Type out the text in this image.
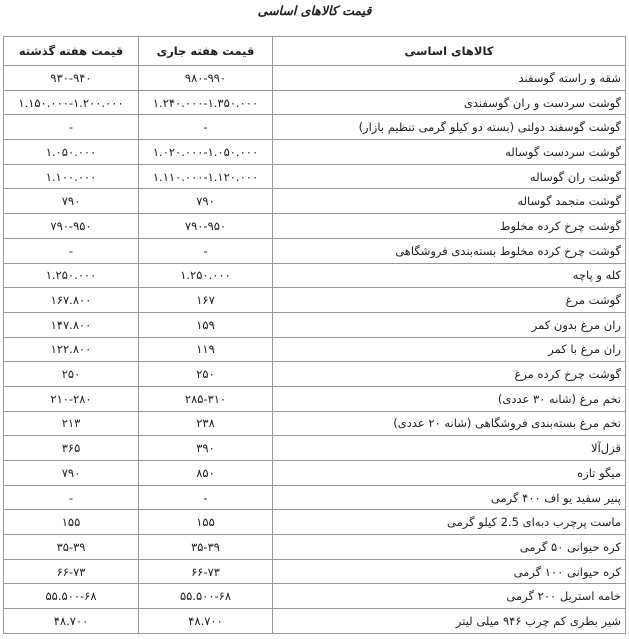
قیمت کالاهای اساسی
کالاهای اساسی	قیمت هفته جاری	قیمت هفته گذشته
شقه و راسته گوسفند	۹۸۰-۹۹۰	۹۳۰-۹۴۰
گوشت سردست و ران گوسفندی	۱.۲۴۰.۰۰۰-۱.۳۵۰.۰۰۰	۱.۱۵۰.۰۰۰-۱.۲۰۰.۰۰۰
گوشت گوسفند دولتی (بسته دو کیلو گرمی تنظیم بازار)	-	-
گوشت سردست گوساله	۱.۰۲۰.۰۰۰-۱.۰۵۰.۰۰۰	۱.۰۵۰.۰۰۰
گوشت ران گوساله	۱.۱۱۰.۰۰۰-۱.۱۲۰.۰۰۰	۱.۱۰۰.۰۰۰
گوشت منجمد گوساله	۷۹۰	۷۹۰
گوشت چرخ کرده مخلوط	۷۹۰-۹۵۰	۷۹۰-۹۵۰
گوشت چرخ کرده مخلوط بسته‌بندی فروشگاهی	-	-
کله و پاچه	۱.۲۵۰.۰۰۰	۱.۲۵۰.۰۰۰
گوشت مرغ	۱۶۷	۱۶۷.۸۰۰
ران مرغ بدون کمر	۱۵۹	۱۴۷.۸۰۰
ران مرغ با کمر	۱۱۹	۱۲۲.۸۰۰
گوشت چرخ کرده مرغ	۲۵۰	۲۵۰
تخم مرغ (شانه ۳۰ عددی)	۲۸۵-۳۱۰	۲۱۰-۲۸۰
تخم مرغ بسته‌بندی فروشگاهی (شانه ۲۰ عددی)	۲۳۸	۲۱۳
قزل‌آلا	۳۹۰	۳۶۵
میگو تازه	۸۵۰	۷۹۰
پنیر سفید یو اف ۴۰۰ گرمی	-	-
ماست پرچرب دبه‌ای 2.5 کیلو گرمی	۱۵۵	۱۵۵
کره حیوانی ۵۰ گرمی	۳۵-۳۹	۳۵-۳۹
کره حیوانی ۱۰۰ گرمی	۶۶-۷۳	۶۶-۷۳
خامه استریل ۲۰۰ گرمی	۵۵.۵۰۰-۶۸	۵۵.۵۰۰-۶۸
شیر بطری کم چرب ۹۴۶ میلی لیتر	۴۸.۷۰۰	۴۸.۷۰۰
